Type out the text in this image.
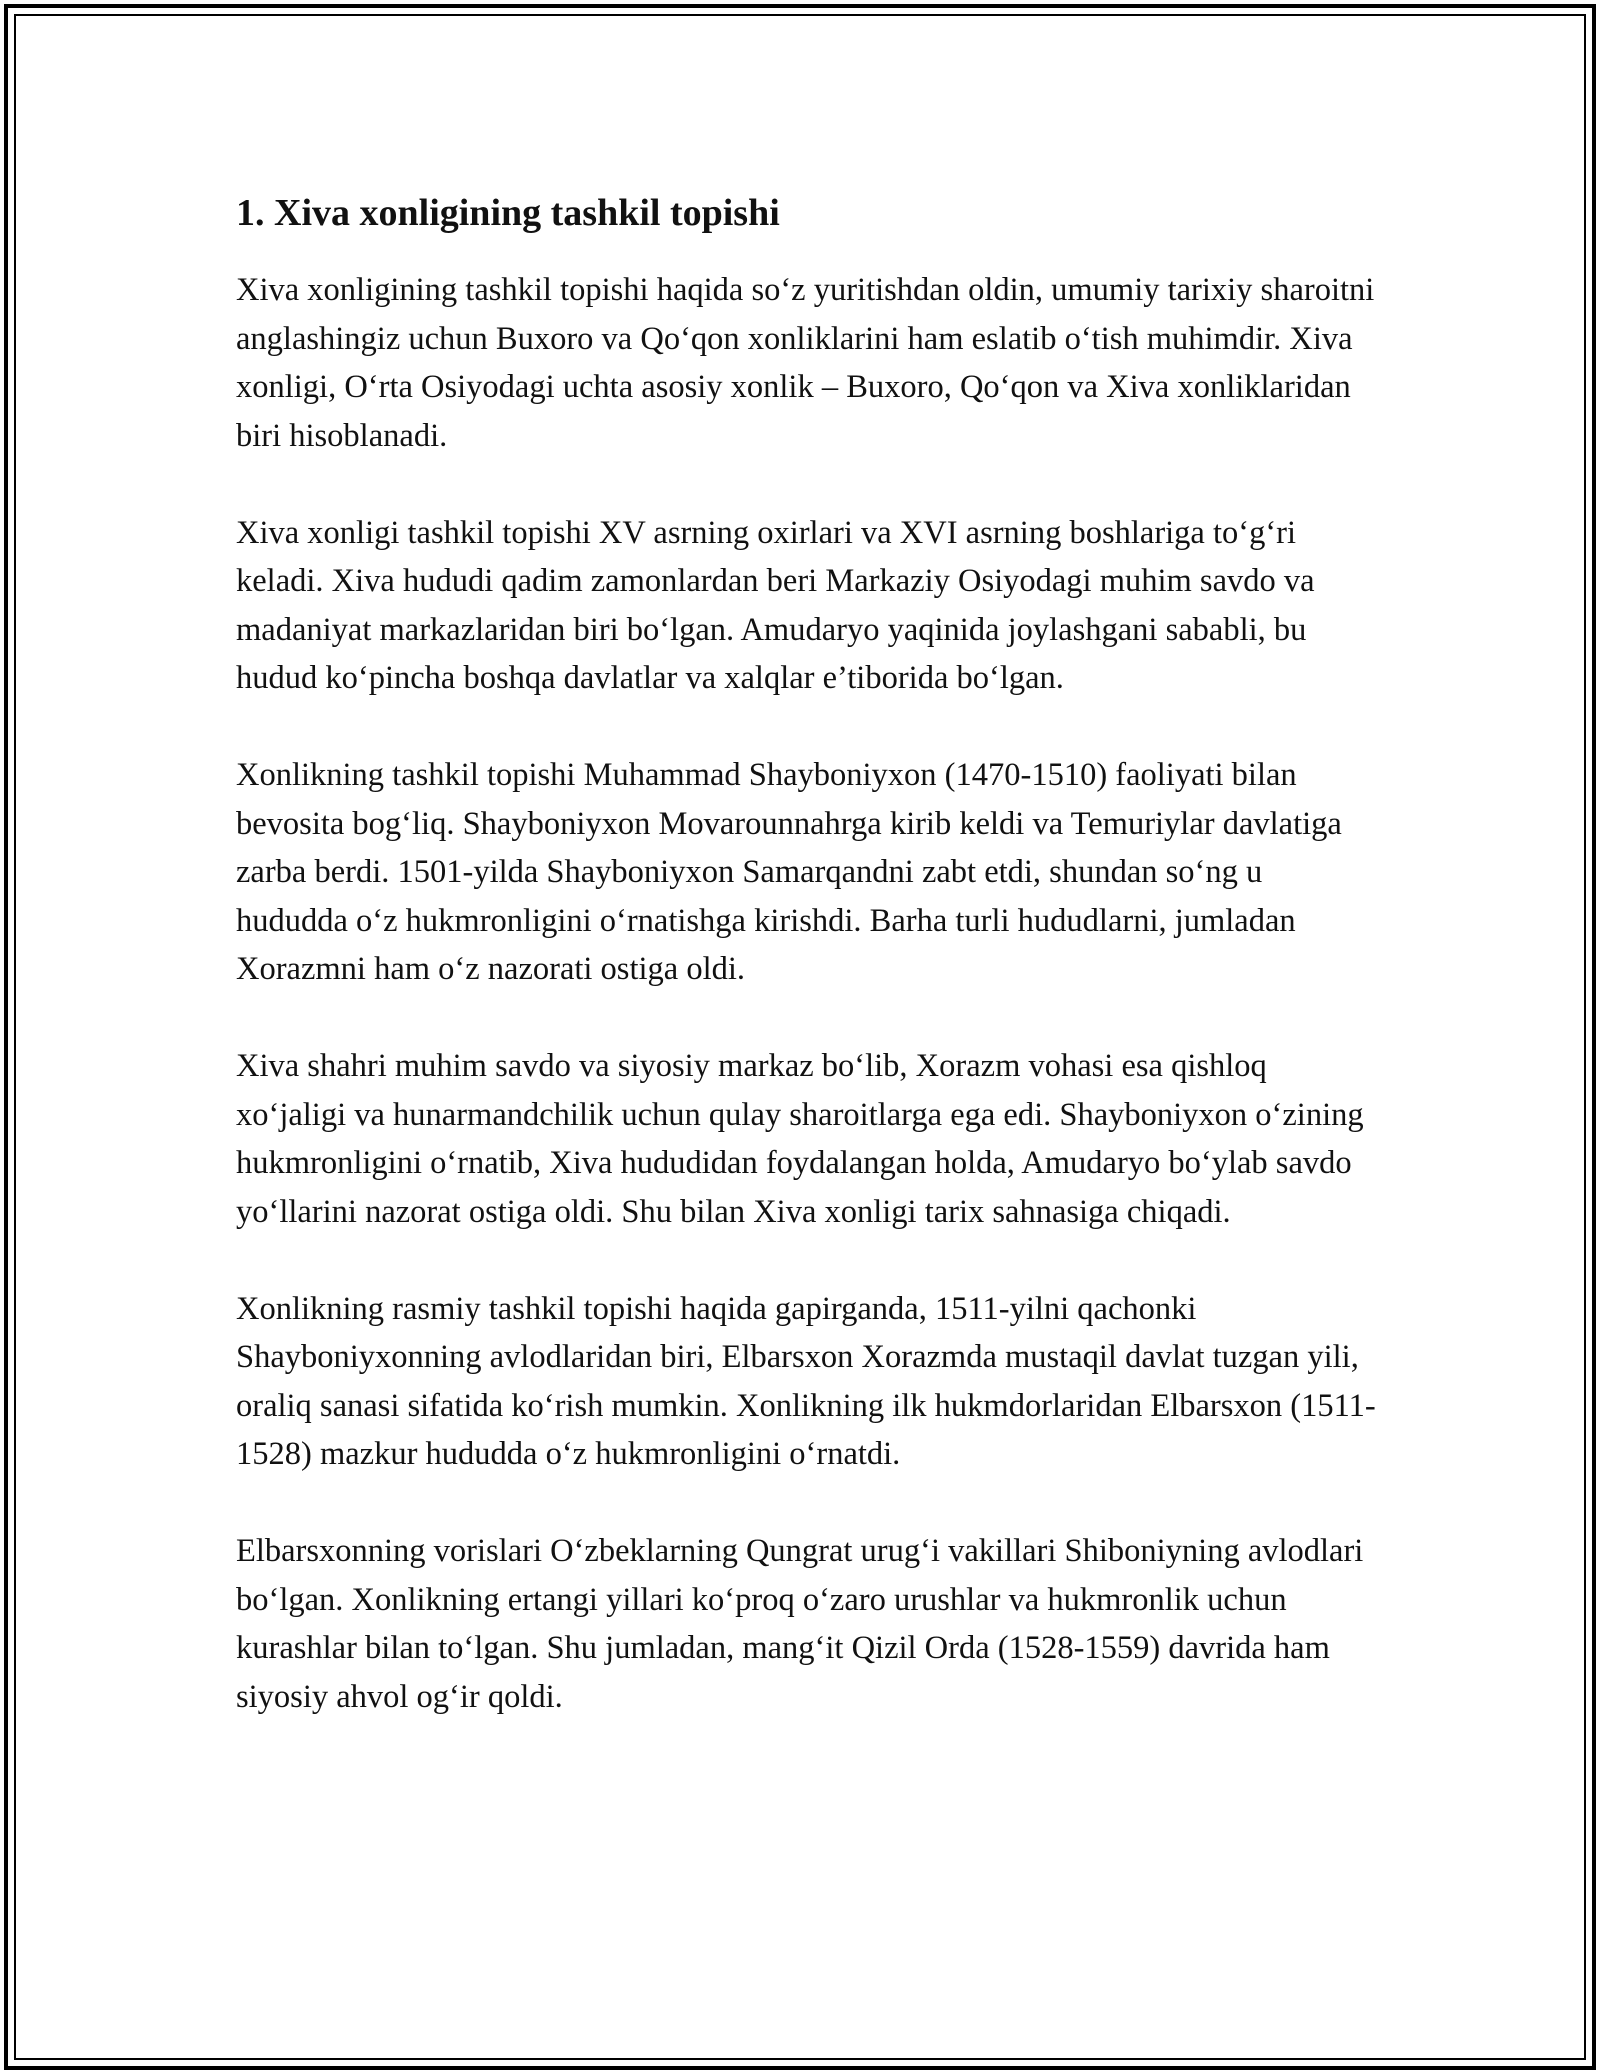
1. Xiva xonligining tashkil topishi

Xiva xonligining tashkil topishi haqida so‘z yuritishdan oldin, umumiy tarixiy sharoitni anglashingiz uchun Buxoro va Qo‘qon xonliklarini ham eslatib o‘tish muhimdir. Xiva xonligi, O‘rta Osiyodagi uchta asosiy xonlik – Buxoro, Qo‘qon va Xiva xonliklaridan biri hisoblanadi.

Xiva xonligi tashkil topishi XV asrning oxirlari va XVI asrning boshlariga to‘g‘ri keladi. Xiva hududi qadim zamonlardan beri Markaziy Osiyodagi muhim savdo va madaniyat markazlaridan biri bo‘lgan. Amudaryo yaqinida joylashgani sababli, bu hudud ko‘pincha boshqa davlatlar va xalqlar e’tiborida bo‘lgan.

Xonlikning tashkil topishi Muhammad Shayboniyxon (1470-1510) faoliyati bilan bevosita bog‘liq. Shayboniyxon Movarounnahrga kirib keldi va Temuriylar davlatiga zarba berdi. 1501-yilda Shayboniyxon Samarqandni zabt etdi, shundan so‘ng u hududda o‘z hukmronligini o‘rnatishga kirishdi. Barha turli hududlarni, jumladan Xorazmni ham o‘z nazorati ostiga oldi.

Xiva shahri muhim savdo va siyosiy markaz bo‘lib, Xorazm vohasi esa qishloq xo‘jaligi va hunarmandchilik uchun qulay sharoitlarga ega edi. Shayboniyxon o‘zining hukmronligini o‘rnatib, Xiva hududidan foydalangan holda, Amudaryo bo‘ylab savdo yo‘llarini nazorat ostiga oldi. Shu bilan Xiva xonligi tarix sahnasiga chiqadi.

Xonlikning rasmiy tashkil topishi haqida gapirganda, 1511-yilni qachonki Shayboniyxonning avlodlaridan biri, Elbarsxon Xorazmda mustaqil davlat tuzgan yili, oraliq sanasi sifatida ko‘rish mumkin. Xonlikning ilk hukmdorlaridan Elbarsxon (1511-1528) mazkur hududda o‘z hukmronligini o‘rnatdi.

Elbarsxonning vorislari O‘zbeklarning Qungrat urug‘i vakillari Shiboniyning avlodlari bo‘lgan. Xonlikning ertangi yillari ko‘proq o‘zaro urushlar va hukmronlik uchun kurashlar bilan to‘lgan. Shu jumladan, mang‘it Qizil Orda (1528-1559) davrida ham siyosiy ahvol og‘ir qoldi.
